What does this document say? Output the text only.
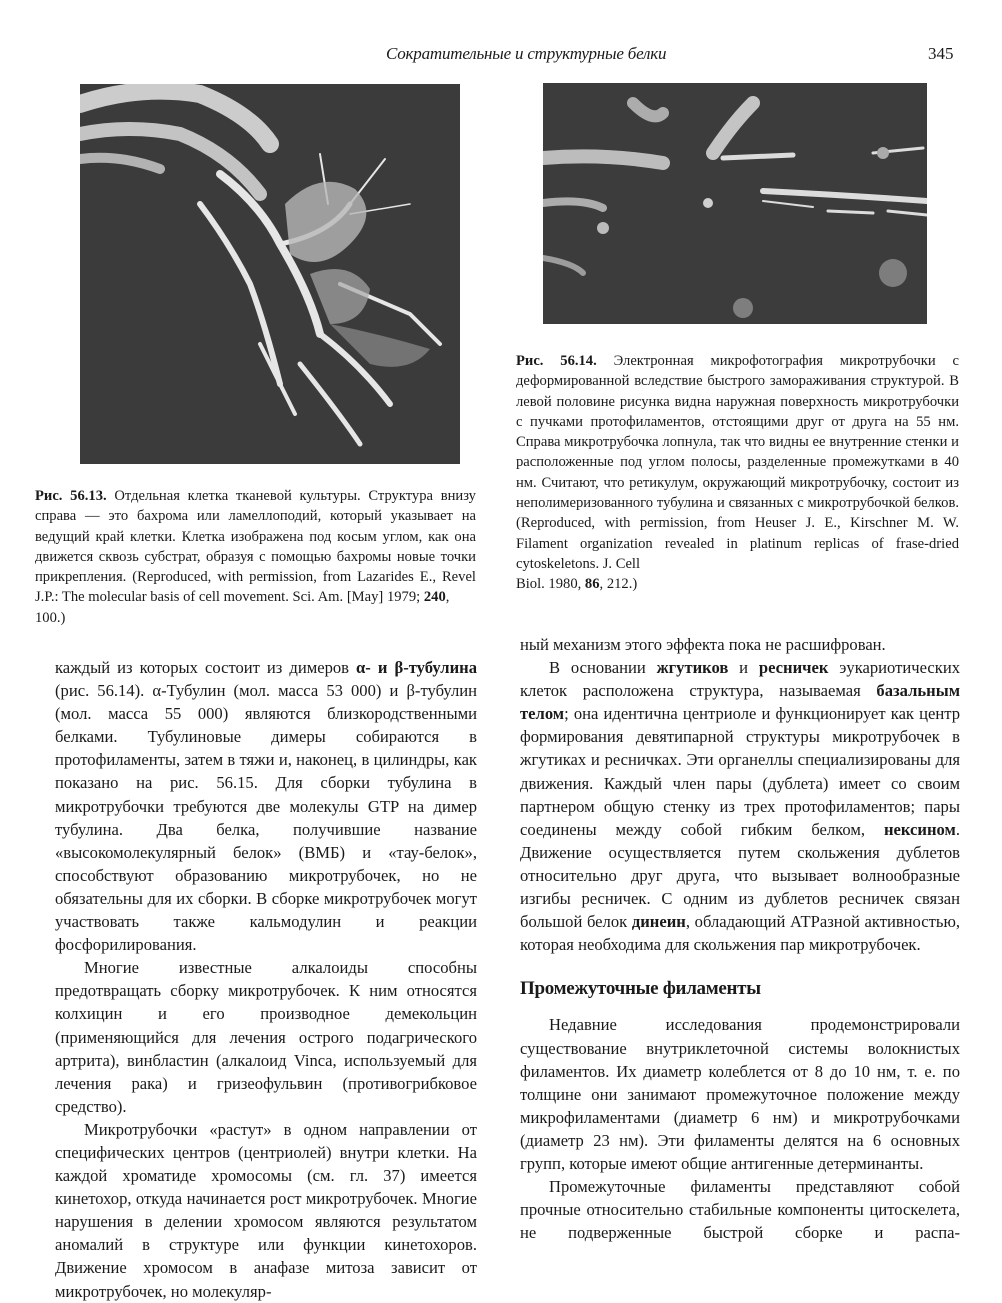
Сократительные и структурные белки	345
Рис. 56.13. Отдельная клетка тканевой культуры. Структура внизу справа — это бахрома или ламеллоподий, который указывает на ведущий край клетки. Клетка изображена под косым углом, как она движется сквозь субстрат, образуя с помощью бахромы новые точки прикрепления. (Reproduced, with permission, from Lazarides E., Revel J.P.: The molecular basis of cell movement. Sci. Am. [May] 1979; 240,
100.)
Рис. 56.14. Электронная микрофотография микротрубочки с деформированной вследствие быстрого замораживания структурой. В левой половине рисунка видна наружная поверхность микротрубочки с пучками протофиламентов, отстоящими друг от друга на 55 нм. Справа микротрубочка лопнула, так что видны ее внутренние стенки и расположенные под углом полосы, разделенные промежутками в 40 нм. Считают, что ретикулум, окружающий микротрубочку, состоит из неполимеризованного тубулина и связанных с микротрубочкой белков. (Reproduced, with permission, from Heuser J. E., Kirschner M. W. Filament organization revealed in platinum replicas of frase-dried cytoskeletons. J. Cell
Biol. 1980, 86, 212.)

каждый из которых состоит из димеров α- и β-тубулина (рис. 56.14). α-Тубулин (мол. масса 53 000) и β-тубулин (мол. масса 55 000) являются близкородственными белками. Тубулиновые димеры собираются в протофиламенты, затем в тяжи и, наконец, в цилиндры, как показано на рис. 56.15. Для сборки тубулина в микротрубочки требуются две молекулы GTP на димер тубулина. Два белка, получившие название «высокомолекулярный белок» (ВМБ) и «тау-белок», способствуют образованию микротрубочек, но не обязательны для их сборки. В сборке микротрубочек могут участвовать также кальмодулин и реакции фосфорилирования.

Многие известные алкалоиды способны предотвращать сборку микротрубочек. К ним относятся колхицин и его производное демекольцин (применяющийся для лечения острого подагрического артрита), винбластин (алкалоид Vinca, используемый для лечения рака) и гризеофульвин (противогрибковое средство).

Микротрубочки «растут» в одном направлении от специфических центров (центриолей) внутри клетки. На каждой хроматиде хромосомы (см. гл. 37) имеется кинетохор, откуда начинается рост микротрубочек. Многие нарушения в делении хромосом являются результатом аномалий в структуре или функции кинетохоров. Движение хромосом в анафазе митоза зависит от микротрубочек, но молекуляр-

ный механизм этого эффекта пока не расшифрован.

В основании жгутиков и ресничек эукариотических клеток расположена структура, называемая базальным телом; она идентична центриоле и функционирует как центр формирования девятипарной структуры микротрубочек в жгутиках и ресничках. Эти органеллы специализированы для движения. Каждый член пары (дублета) имеет со своим партнером общую стенку из трех протофиламентов; пары соединены между собой гибким белком, нексином. Движение осуществляется путем скольжения дублетов относительно друг друга, что вызывает волнообразные изгибы ресничек. С одним из дублетов ресничек связан большой белок динеин, обладающий АТРазной активностью, которая необходима для скольжения пар микротрубочек.

Промежуточные филаменты

Недавние исследования продемонстрировали существование внутриклеточной системы волокнистых филаментов. Их диаметр колеблется от 8 до 10 нм, т. е. по толщине они занимают промежуточное положение между микрофиламентами (диаметр 6 нм) и микротрубочками (диаметр 23 нм). Эти филаменты делятся на 6 основных групп, которые имеют общие антигенные детерминанты.

Промежуточные филаменты представляют собой прочные относительно стабильные компоненты цитоскелета, не подверженные быстрой сборке и распа-
